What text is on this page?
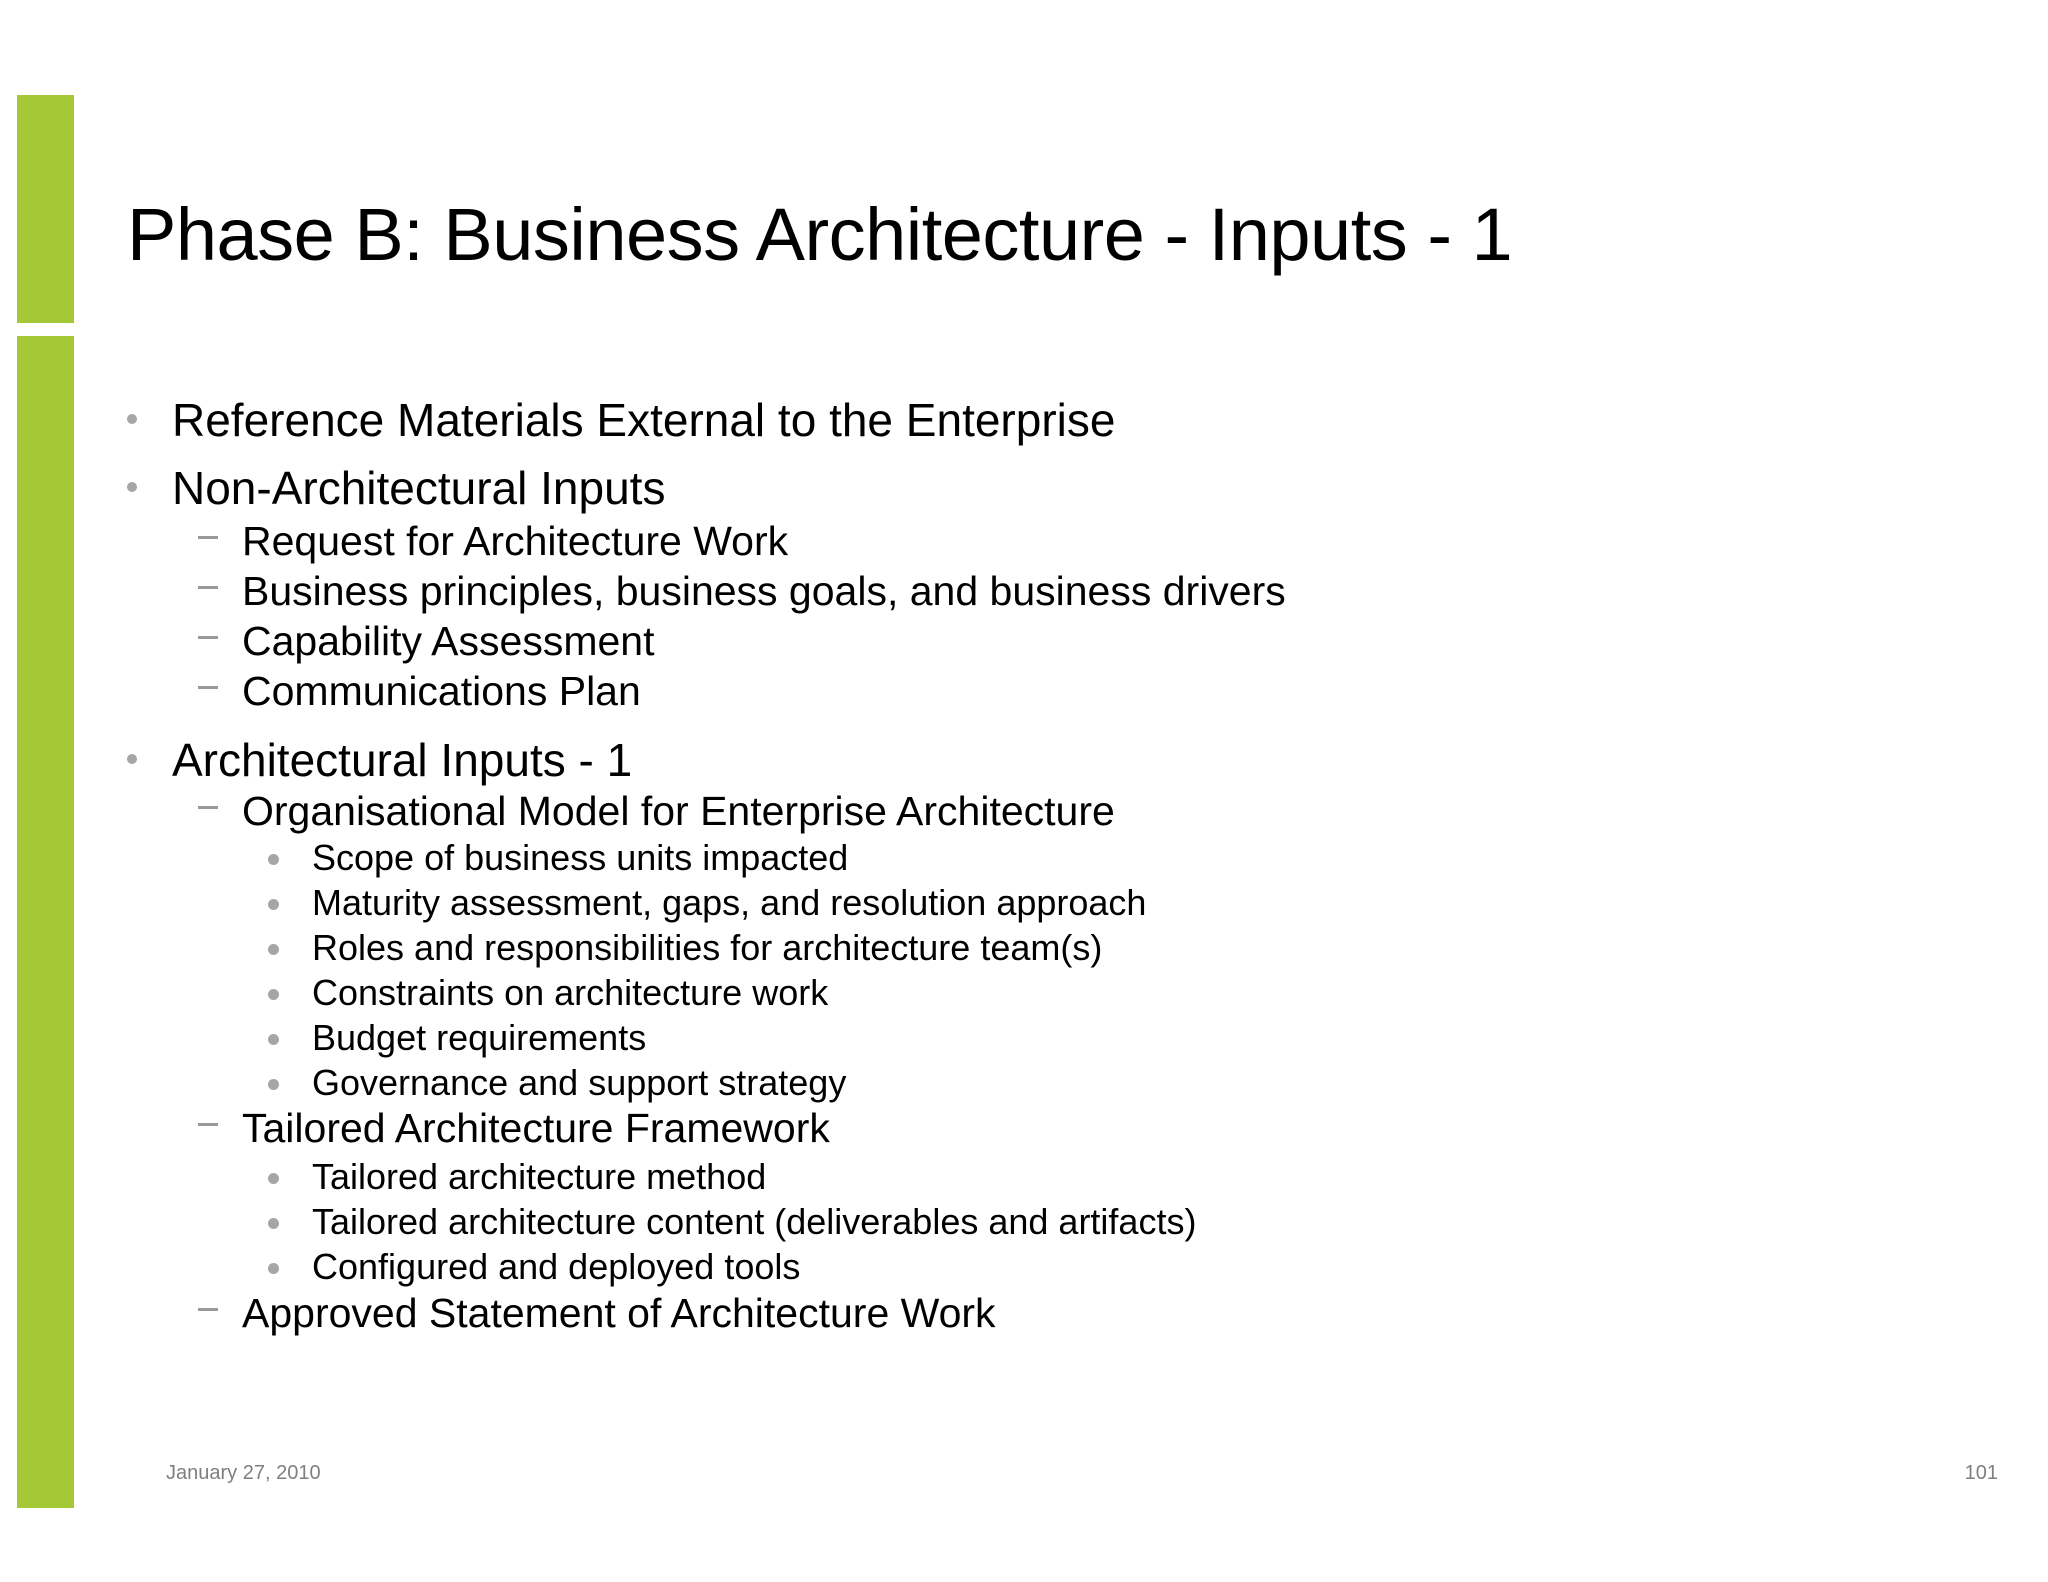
Phase B: Business Architecture - Inputs - 1
Reference Materials External to the Enterprise
Non-Architectural Inputs
Request for Architecture Work
Business principles, business goals, and business drivers
Capability Assessment
Communications Plan
Architectural Inputs - 1
Organisational Model for Enterprise Architecture
Scope of business units impacted
Maturity assessment, gaps, and resolution approach
Roles and responsibilities for architecture team(s)
Constraints on architecture work
Budget requirements
Governance and support strategy
Tailored Architecture Framework
Tailored architecture method
Tailored architecture content (deliverables and artifacts)
Configured and deployed tools
Approved Statement of Architecture Work
January 27, 2010	101
